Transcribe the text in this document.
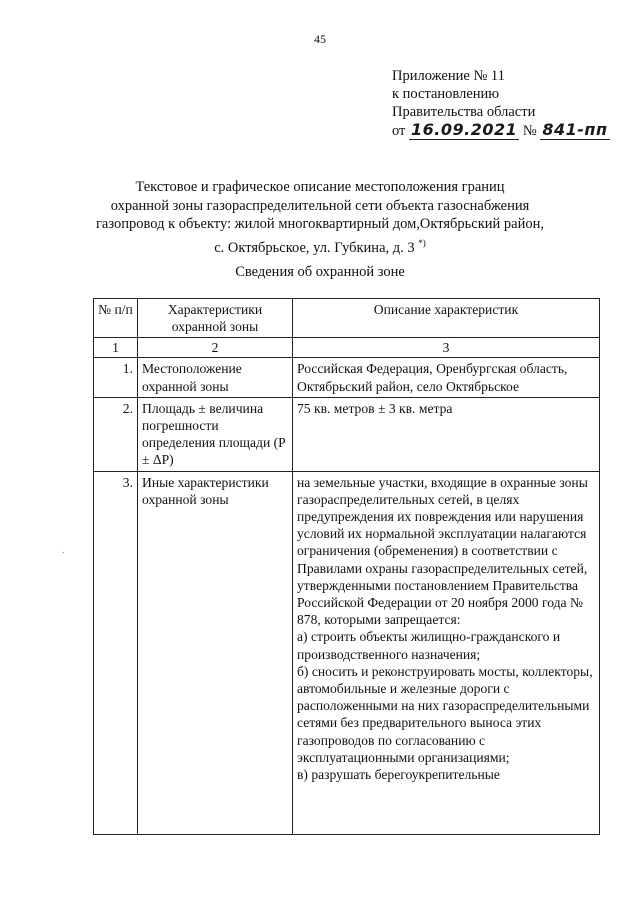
45
Приложение № 11
к постановлению
Правительства области
от 16.09.2021 № 841-пп
Текстовое и графическое описание местоположения границ
охранной зоны газораспределительной сети объекта газоснабжения
газопровод к объекту: жилой многоквартирный дом,Октябрьский район,
с. Октябрьское, ул. Губкина, д. 3 *)
Сведения об охранной зоне
.
№ п/п	Характеристики охранной зоны	Описание характеристик
1	2	3
1.	Местоположение охранной зоны	Российская Федерация, Оренбургская область, Октябрьский район, село Октябрьское
2.	Площадь ± величина погрешности определения площади (P ± ΔP)	75 кв. метров ± 3 кв. метра
3.	Иные характеристики охранной зоны	на земельные участки, входящие в охранные зоны газораспределительных сетей, в целях предупреждения их повреждения или нарушения условий их нормальной эксплуатации налагаются ограничения (обременения) в соответствии с Правилами охраны газораспределительных сетей, утвержденными постановлением Правительства Российской Федерации от 20 ноября 2000 года № 878, которыми запрещается:
а) строить объекты жилищно-гражданского и производственного назначения;
б) сносить и реконструировать мосты, коллекторы, автомобильные и железные дороги с расположенными на них газораспределительными сетями без предварительного выноса этих газопроводов по согласованию с эксплуатационными организациями;
в) разрушать берегоукрепительные
